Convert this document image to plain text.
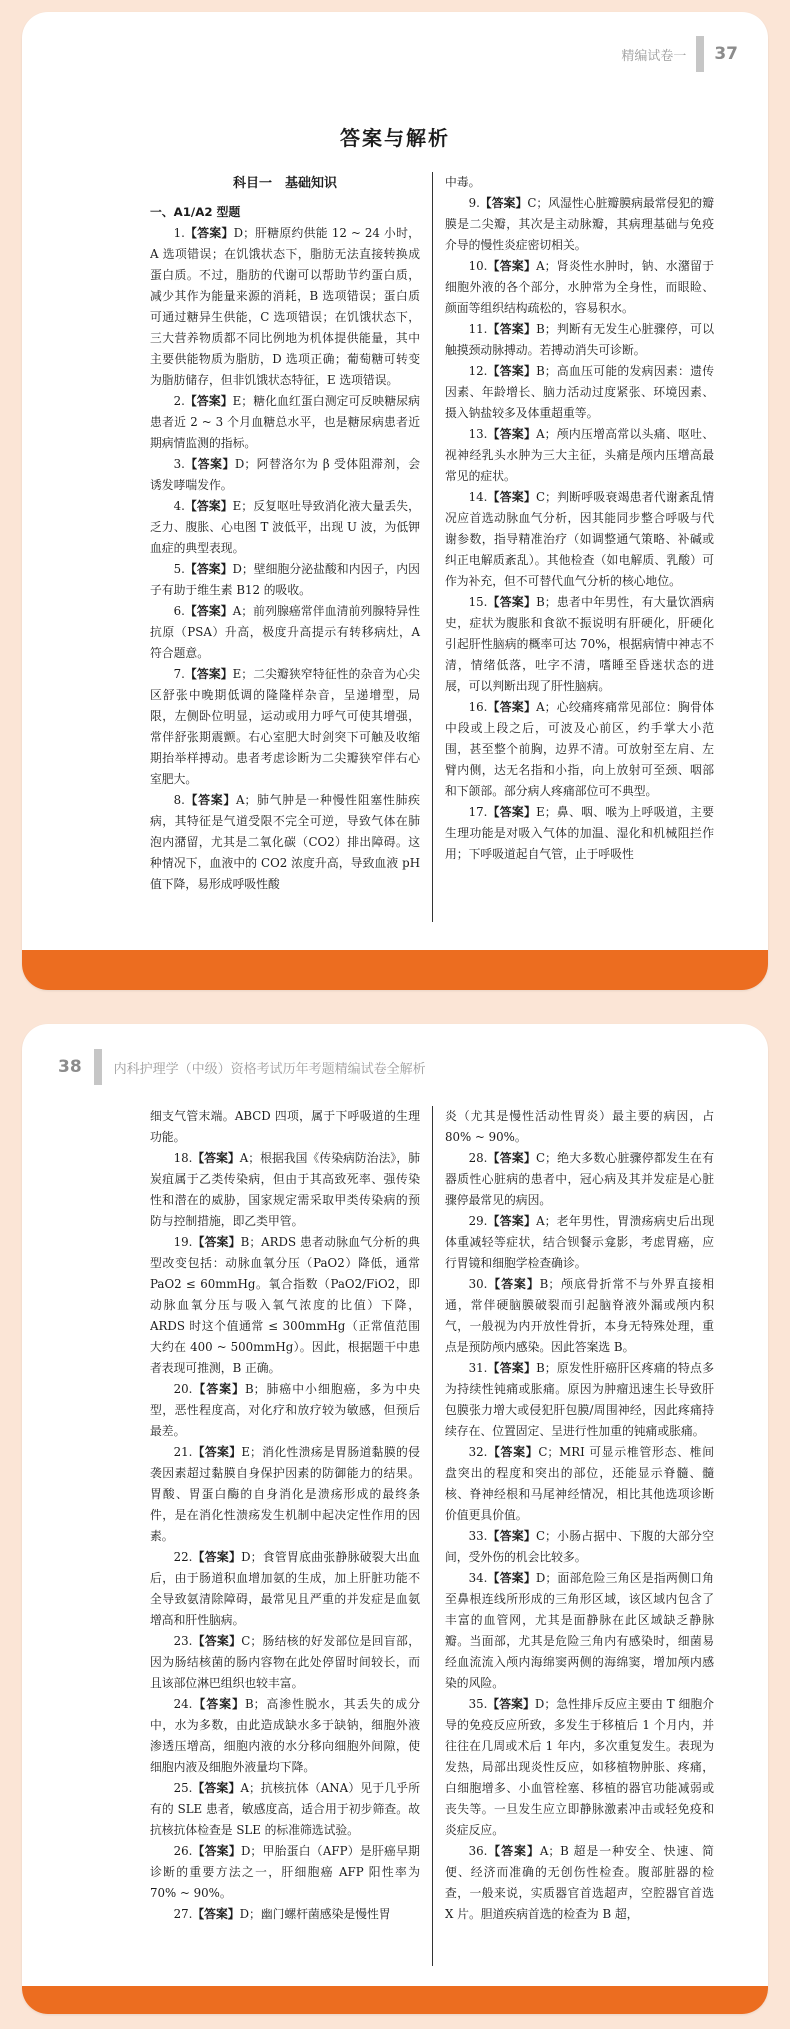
精编试卷一 37
答案与解析
科目一　基础知识

一、A1/A2 型题

1.【答案】D；肝糖原约供能 12 ~ 24 小时，A 选项错误；在饥饿状态下，脂肪无法直接转换成蛋白质。不过，脂肪的代谢可以帮助节约蛋白质，减少其作为能量来源的消耗，B 选项错误；蛋白质可通过糖异生供能，C 选项错误；在饥饿状态下，三大营养物质都不同比例地为机体提供能量，其中主要供能物质为脂肪，D 选项正确；葡萄糖可转变为脂肪储存，但非饥饿状态特征，E 选项错误。

2.【答案】E；糖化血红蛋白测定可反映糖尿病患者近 2 ~ 3 个月血糖总水平，也是糖尿病患者近期病情监测的指标。

3.【答案】D；阿替洛尔为 β 受体阻滞剂，会诱发哮喘发作。

4.【答案】E；反复呕吐导致消化液大量丢失，乏力、腹胀、心电图 T 波低平，出现 U 波，为低钾血症的典型表现。

5.【答案】D；壁细胞分泌盐酸和内因子，内因子有助于维生素 B12 的吸收。

6.【答案】A；前列腺癌常伴血清前列腺特异性抗原（PSA）升高，极度升高提示有转移病灶，A 符合题意。

7.【答案】E；二尖瓣狭窄特征性的杂音为心尖区舒张中晚期低调的隆隆样杂音，呈递增型，局限，左侧卧位明显，运动或用力呼气可使其增强，常伴舒张期震颤。右心室肥大时剑突下可触及收缩期抬举样搏动。患者考虑诊断为二尖瓣狭窄伴右心室肥大。

8.【答案】A；肺气肿是一种慢性阻塞性肺疾病，其特征是气道受限不完全可逆，导致气体在肺泡内潴留，尤其是二氧化碳（CO2）排出障碍。这种情况下，血液中的 CO2 浓度升高，导致血液 pH 值下降，易形成呼吸性酸

中毒。

9.【答案】C；风湿性心脏瓣膜病最常侵犯的瓣膜是二尖瓣，其次是主动脉瓣，其病理基础与免疫介导的慢性炎症密切相关。

10.【答案】A；肾炎性水肿时，钠、水潴留于细胞外液的各个部分，水肿常为全身性，而眼睑、颜面等组织结构疏松的，容易积水。

11.【答案】B；判断有无发生心脏骤停，可以触摸颈动脉搏动。若搏动消失可诊断。

12.【答案】B；高血压可能的发病因素：遗传因素、年龄增长、脑力活动过度紧张、环境因素、摄入钠盐较多及体重超重等。

13.【答案】A；颅内压增高常以头痛、呕吐、视神经乳头水肿为三大主征，头痛是颅内压增高最常见的症状。

14.【答案】C；判断呼吸衰竭患者代谢紊乱情况应首选动脉血气分析，因其能同步整合呼吸与代谢参数，指导精准治疗（如调整通气策略、补碱或纠正电解质紊乱）。其他检查（如电解质、乳酸）可作为补充，但不可替代血气分析的核心地位。

15.【答案】B；患者中年男性，有大量饮酒病史，症状为腹胀和食欲不振说明有肝硬化，肝硬化引起肝性脑病的概率可达 70%，根据病情中神志不清，情绪低落，吐字不清，嗜睡至昏迷状态的进展，可以判断出现了肝性脑病。

16.【答案】A；心绞痛疼痛常见部位：胸骨体中段或上段之后，可波及心前区，约手掌大小范围，甚至整个前胸，边界不清。可放射至左肩、左臂内侧，达无名指和小指，向上放射可至颈、咽部和下颌部。部分病人疼痛部位可不典型。

17.【答案】E；鼻、咽、喉为上呼吸道，主要生理功能是对吸入气体的加温、湿化和机械阻拦作用；下呼吸道起自气管，止于呼吸性

38 内科护理学（中级）资格考试历年考题精编试卷全解析

细支气管末端。ABCD 四项，属于下呼吸道的生理功能。

18.【答案】A；根据我国《传染病防治法》，肺炭疽属于乙类传染病，但由于其高致死率、强传染性和潜在的威胁，国家规定需采取甲类传染病的预防与控制措施，即乙类甲管。

19.【答案】B；ARDS 患者动脉血气分析的典型改变包括：动脉血氧分压（PaO2）降低，通常 PaO2 ≤ 60mmHg。氧合指数（PaO2/FiO2，即动脉血氧分压与吸入氧气浓度的比值）下降，ARDS 时这个值通常 ≤ 300mmHg（正常值范围大约在 400 ~ 500mmHg）。因此，根据题干中患者表现可推测，B 正确。

20.【答案】B；肺癌中小细胞癌，多为中央型，恶性程度高，对化疗和放疗较为敏感，但预后最差。

21.【答案】E；消化性溃疡是胃肠道黏膜的侵袭因素超过黏膜自身保护因素的防御能力的结果。胃酸、胃蛋白酶的自身消化是溃疡形成的最终条件，是在消化性溃疡发生机制中起决定性作用的因素。

22.【答案】D；食管胃底曲张静脉破裂大出血后，由于肠道积血增加氨的生成，加上肝脏功能不全导致氨清除障碍，最常见且严重的并发症是血氨增高和肝性脑病。

23.【答案】C；肠结核的好发部位是回盲部，因为肠结核菌的肠内容物在此处停留时间较长，而且该部位淋巴组织也较丰富。

24.【答案】B；高渗性脱水，其丢失的成分中，水为多数，由此造成缺水多于缺钠，细胞外液渗透压增高，细胞内液的水分移向细胞外间隙，使细胞内液及细胞外液量均下降。

25.【答案】A；抗核抗体（ANA）见于几乎所有的 SLE 患者，敏感度高，适合用于初步筛查。故抗核抗体检查是 SLE 的标准筛选试验。

26.【答案】D；甲胎蛋白（AFP）是肝癌早期诊断的重要方法之一，肝细胞癌 AFP 阳性率为 70% ~ 90%。

27.【答案】D；幽门螺杆菌感染是慢性胃

炎（尤其是慢性活动性胃炎）最主要的病因，占 80% ~ 90%。

28.【答案】C；绝大多数心脏骤停都发生在有器质性心脏病的患者中，冠心病及其并发症是心脏骤停最常见的病因。

29.【答案】A；老年男性，胃溃疡病史后出现体重减轻等症状，结合钡餐示龛影，考虑胃癌，应行胃镜和细胞学检查确诊。

30.【答案】B；颅底骨折常不与外界直接相通，常伴硬脑膜破裂而引起脑脊液外漏或颅内积气，一般视为内开放性骨折，本身无特殊处理，重点是预防颅内感染。因此答案选 B。

31.【答案】B；原发性肝癌肝区疼痛的特点多为持续性钝痛或胀痛。原因为肿瘤迅速生长导致肝包膜张力增大或侵犯肝包膜/周围神经，因此疼痛持续存在、位置固定、呈进行性加重的钝痛或胀痛。

32.【答案】C；MRI 可显示椎管形态、椎间盘突出的程度和突出的部位，还能显示脊髓、髓核、脊神经根和马尾神经情况，相比其他选项诊断价值更具价值。

33.【答案】C；小肠占据中、下腹的大部分空间，受外伤的机会比较多。

34.【答案】D；面部危险三角区是指两侧口角至鼻根连线所形成的三角形区域，该区域内包含了丰富的血管网，尤其是面静脉在此区域缺乏静脉瓣。当面部，尤其是危险三角内有感染时，细菌易经血流流入颅内海绵窦两侧的海绵窦，增加颅内感染的风险。

35.【答案】D；急性排斥反应主要由 T 细胞介导的免疫反应所致，多发生于移植后 1 个月内，并往往在几周或术后 1 年内，多次重复发生。表现为发热，局部出现炎性反应，如移植物肿胀、疼痛，白细胞增多、小血管栓塞、移植的器官功能减弱或丧失等。一旦发生应立即静脉激素冲击或轻免疫和炎症反应。

36.【答案】A；B 超是一种安全、快速、简便、经济而准确的无创伤性检查。腹部脏器的检查，一般来说，实质器官首选超声，空腔器官首选 X 片。胆道疾病首选的检查为 B 超，
